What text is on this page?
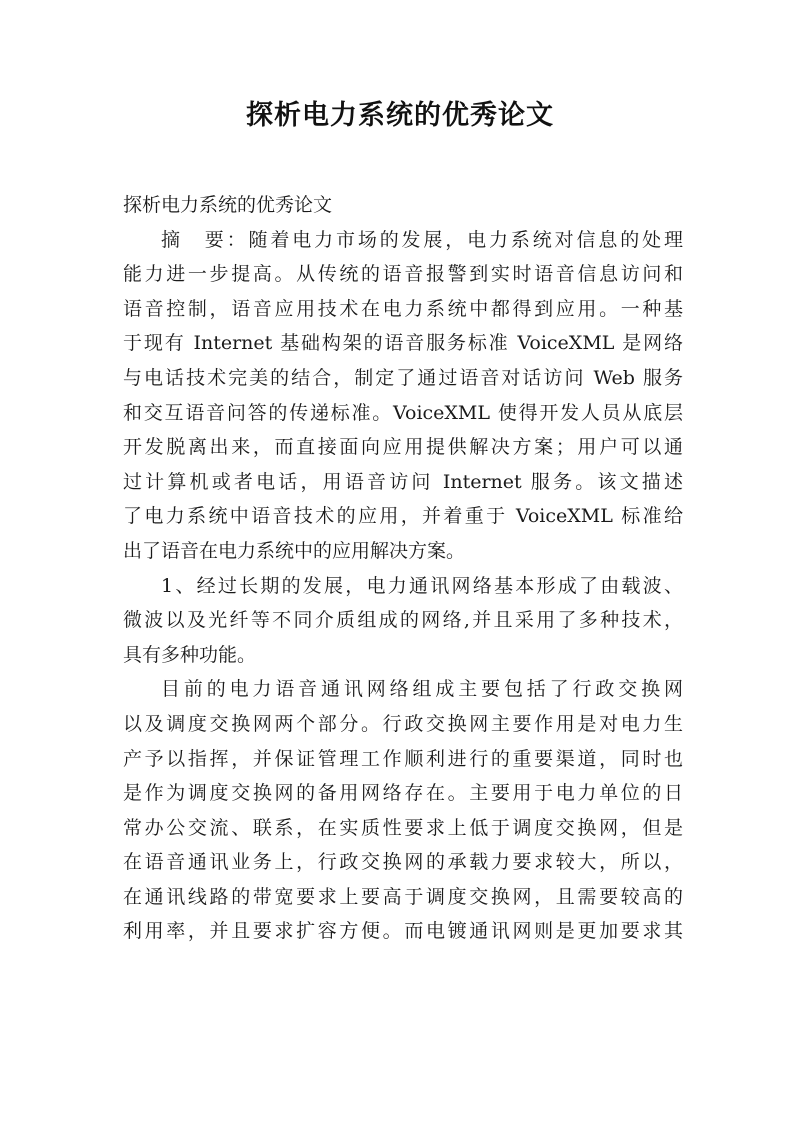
探析电力系统的优秀论文
探析电力系统的优秀论文
摘　要：随着电力市场的发展，电力系统对信息的处理
能力进一步提高。从传统的语音报警到实时语音信息访问和
语音控制，语音应用技术在电力系统中都得到应用。一种基
于现有 Internet 基础构架的语音服务标准 VoiceXML 是网络
与电话技术完美的结合，制定了通过语音对话访问 Web 服务
和交互语音问答的传递标准。VoiceXML 使得开发人员从底层
开发脱离出来，而直接面向应用提供解决方案；用户可以通
过计算机或者电话，用语音访问 Internet 服务。该文描述
了电力系统中语音技术的应用，并着重于 VoiceXML 标准给
出了语音在电力系统中的应用解决方案。
1、经过长期的发展，电力通讯网络基本形成了由载波、
微波以及光纤等不同介质组成的网络,并且采用了多种技术，
具有多种功能。
目前的电力语音通讯网络组成主要包括了行政交换网
以及调度交换网两个部分。行政交换网主要作用是对电力生
产予以指挥，并保证管理工作顺利进行的重要渠道，同时也
是作为调度交换网的备用网络存在。主要用于电力单位的日
常办公交流、联系，在实质性要求上低于调度交换网，但是
在语音通讯业务上，行政交换网的承载力要求较大，所以，
在通讯线路的带宽要求上要高于调度交换网，且需要较高的
利用率，并且要求扩容方便。而电镀通讯网则是更加要求其
